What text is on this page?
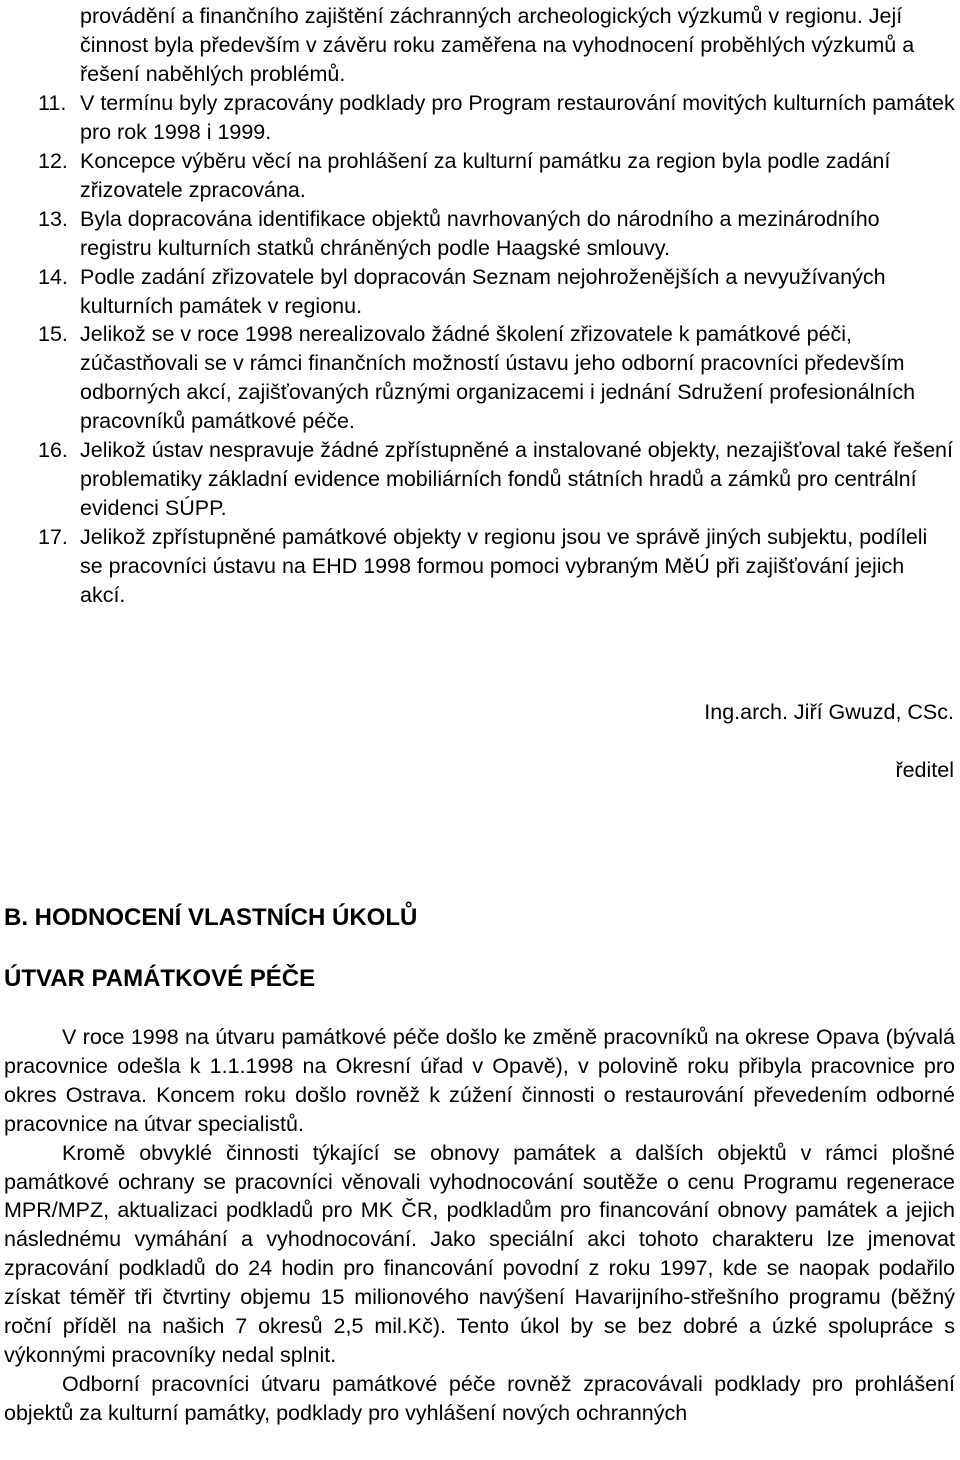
provádění a finančního zajištění záchranných archeologických výzkumů v regionu. Její činnost byla především v závěru roku zaměřena na vyhodnocení proběhlých výzkumů a řešení naběhlých problémů.

11. V termínu byly zpracovány podklady pro Program restaurování movitých kulturních památek pro rok 1998 i 1999.

12. Koncepce výběru věcí na prohlášení za kulturní památku za region byla podle zadání zřizovatele zpracována.

13. Byla dopracována identifikace objektů navrhovaných do národního a mezinárodního registru kulturních statků chráněných podle Haagské smlouvy.

14. Podle zadání zřizovatele byl dopracován Seznam nejohroženějších a nevyužívaných kulturních památek v regionu.

15. Jelikož se v roce 1998 nerealizovalo žádné školení zřizovatele k památkové péči, zúčastňovali se v rámci finančních možností ústavu jeho odborní pracovníci především odborných akcí, zajišťovaných různými organizacemi i jednání Sdružení profesionálních pracovníků památkové péče.

16. Jelikož ústav nespravuje žádné zpřístupněné a instalované objekty, nezajišťoval také řešení problematiky základní evidence mobiliárních fondů státních hradů a zámků pro centrální evidenci SÚPP.

17. Jelikož zpřístupněné památkové objekty v regionu jsou ve správě jiných subjektu, podíleli se pracovníci ústavu na EHD 1998 formou pomoci vybraným MěÚ při zajišťování jejich akcí.

Ing.arch. Jiří Gwuzd, CSc.
ředitel
B. HODNOCENÍ VLASTNÍCH ÚKOLŮ
ÚTVAR PAMÁTKOVÉ PÉČE

V roce 1998 na útvaru památkové péče došlo ke změně pracovníků na okrese Opava (bývalá pracovnice odešla k 1.1.1998 na Okresní úřad v Opavě), v polovině roku přibyla pracovnice pro okres Ostrava. Koncem roku došlo rovněž k zúžení činnosti o restaurování převedením odborné pracovnice na útvar specialistů.

Kromě obvyklé činnosti týkající se obnovy památek a dalších objektů v rámci plošné památkové ochrany se pracovníci věnovali vyhodnocování soutěže o cenu Programu regenerace MPR/MPZ, aktualizaci podkladů pro MK ČR, podkladům pro financování obnovy památek a jejich následnému vymáhání a vyhodnocování. Jako speciální akci tohoto charakteru lze jmenovat zpracování podkladů do 24 hodin pro financování povodní z roku 1997, kde se naopak podařilo získat téměř tři čtvrtiny objemu 15 milionového navýšení Havarijního-střešního programu (běžný roční příděl na našich 7 okresů 2,5 mil.Kč). Tento úkol by se bez dobré a úzké spolupráce s výkonnými pracovníky nedal splnit.

Odborní pracovníci útvaru památkové péče rovněž zpracovávali podklady pro prohlášení objektů za kulturní památky, podklady pro vyhlášení nových ochranných
